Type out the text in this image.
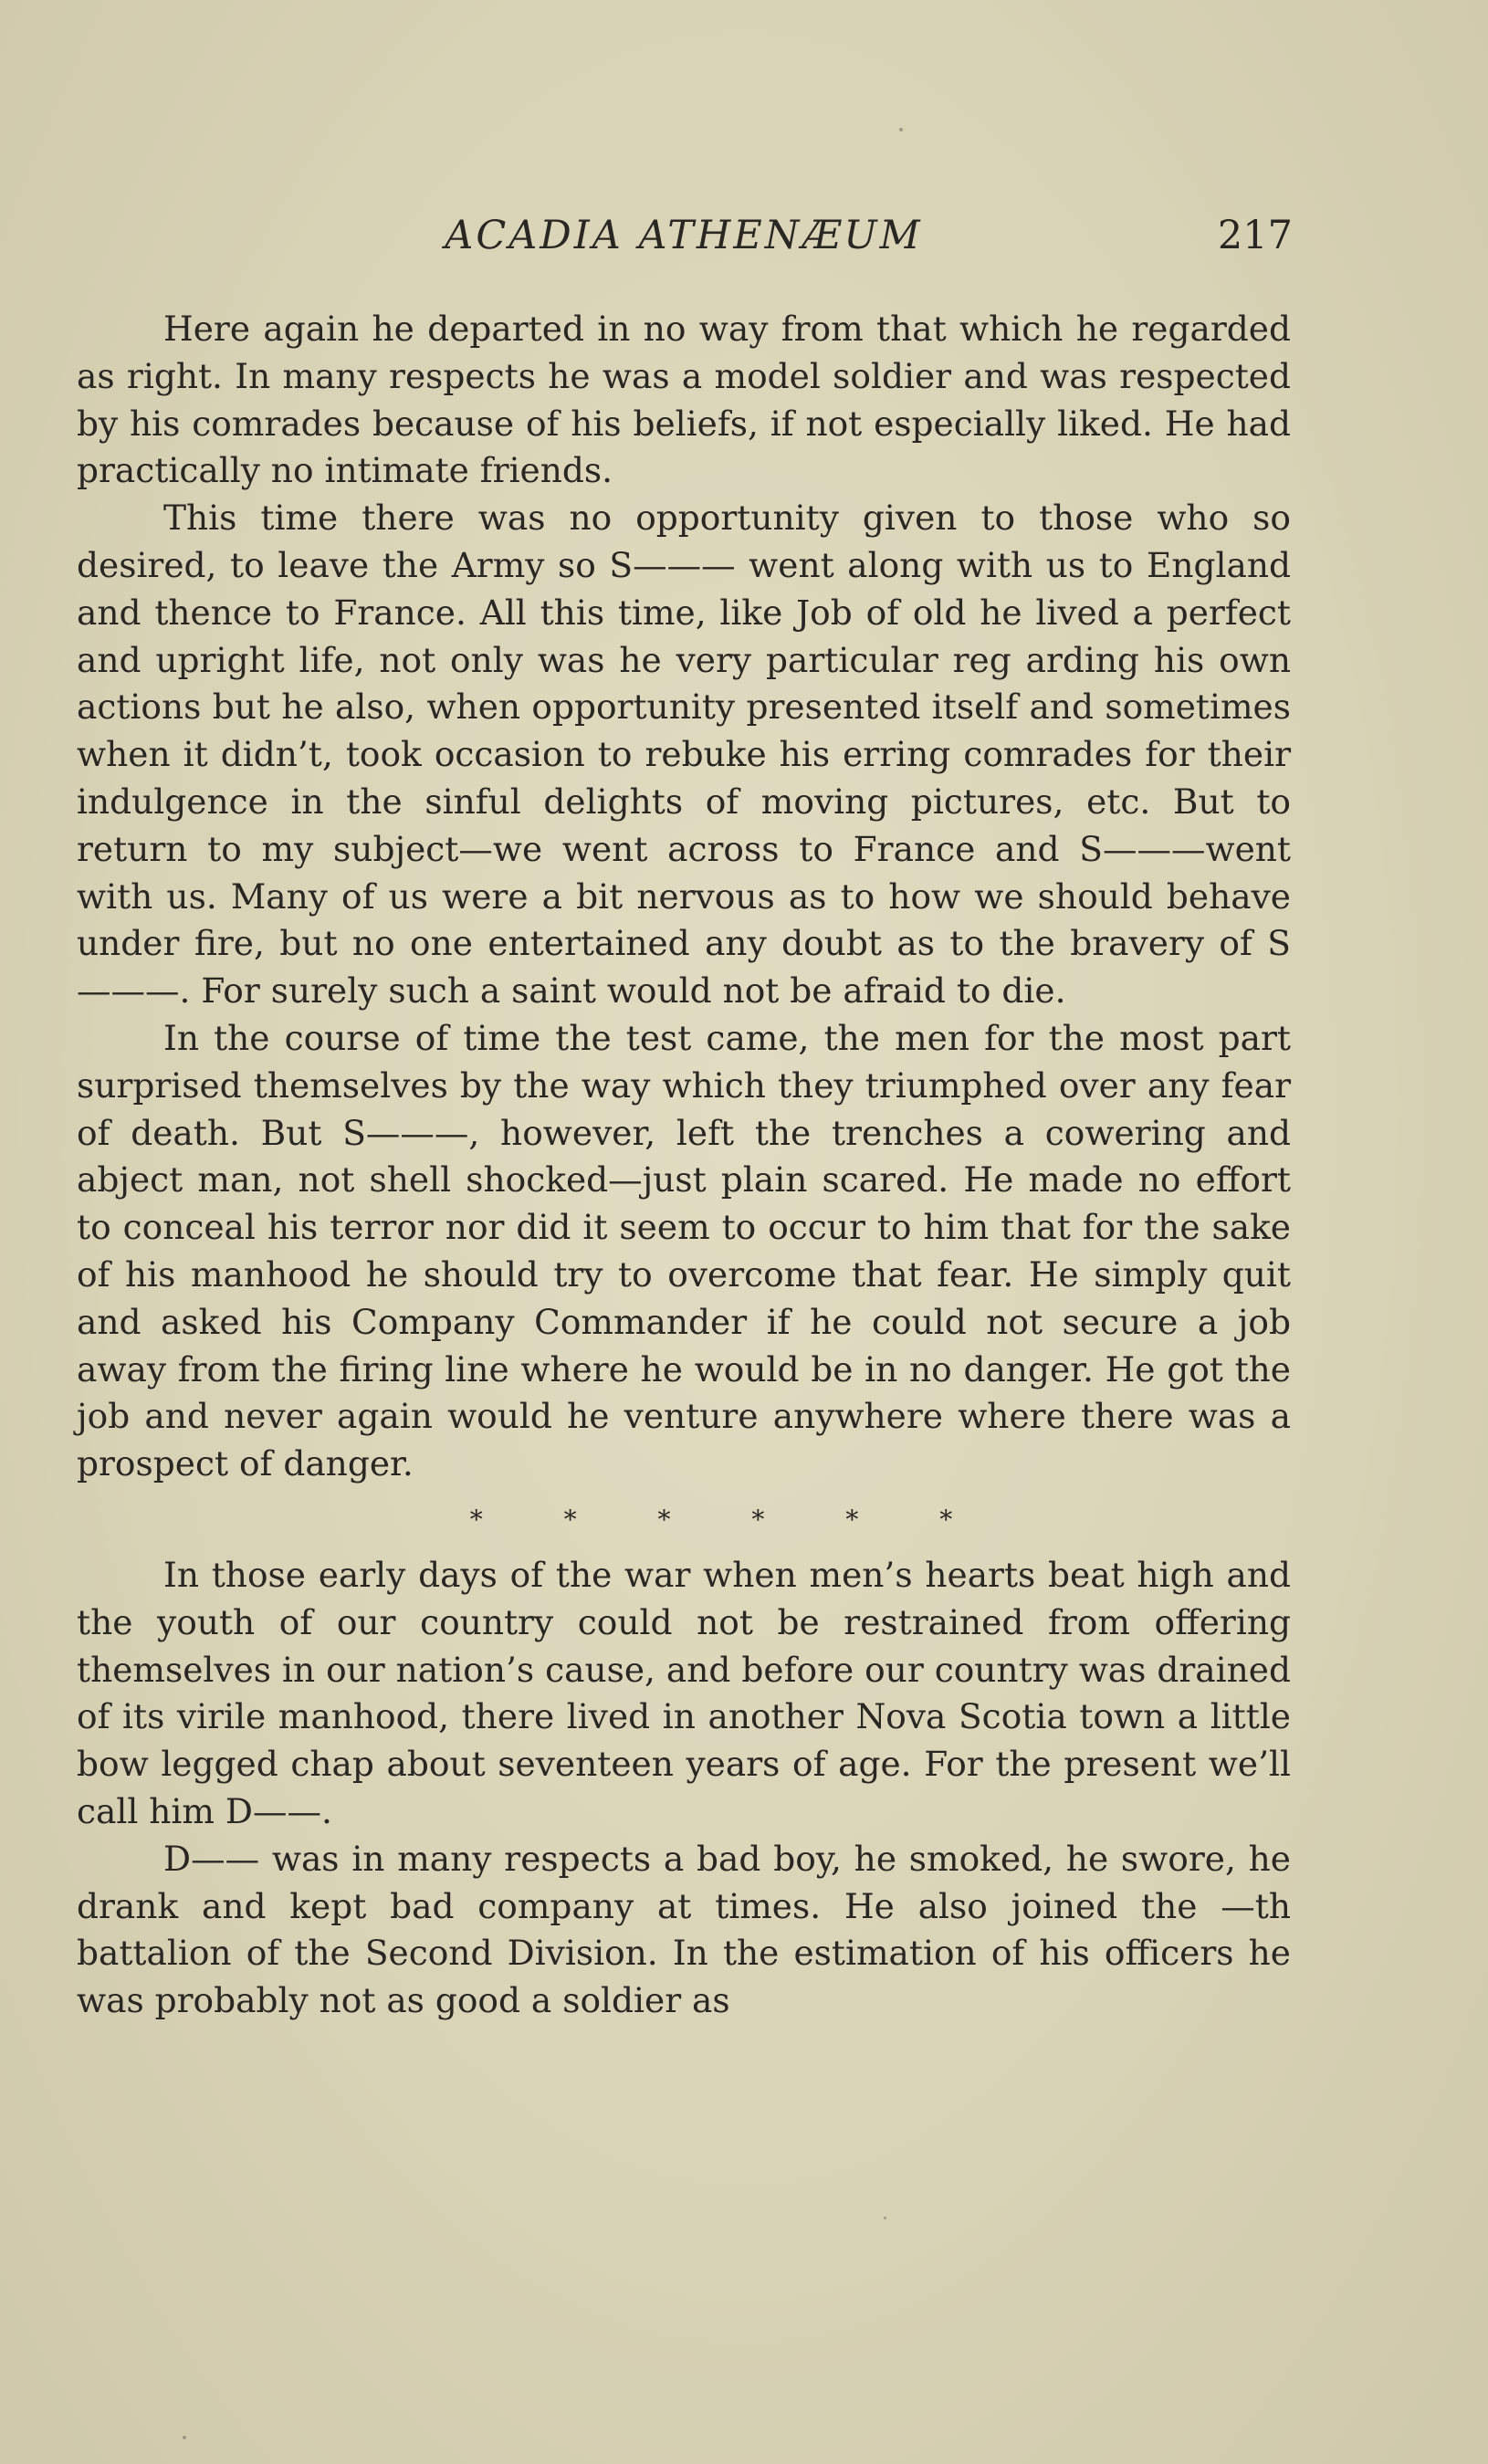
ACADIA ATHENÆUM	217

Here again he departed in no way from that which he regarded as right. In many respects he was a model soldier and was respected by his comrades because of his beliefs, if not especially liked. He had practically no intimate friends.

This time there was no opportunity given to those who so desired, to leave the Army so S——— went along with us to England and thence to France. All this time, like Job of old he lived a perfect and upright life, not only was he very particular reg arding his own actions but he also, when opportunity presented itself and sometimes when it didn’t, took occasion to rebuke his erring comrades for their indulgence in the sinful delights of moving pictures, etc. But to return to my subject—we went across to France and S———went with us. Many of us were a bit nervous as to how we should behave under fire, but no one entertained any doubt as to the bravery of S———. For surely such a saint would not be afraid to die.

In the course of time the test came, the men for the most part surprised themselves by the way which they triumphed over any fear of death. But S———, however, left the trenches a cowering and abject man, not shell shocked—just plain scared. He made no effort to conceal his terror nor did it seem to occur to him that for the sake of his manhood he should try to overcome that fear. He simply quit and asked his Company Commander if he could not secure a job away from the firing line where he would be in no danger. He got the job and never again would he venture anywhere where there was a prospect of danger.

* * * * * *

In those early days of the war when men’s hearts beat high and the youth of our country could not be restrained from offering themselves in our nation’s cause, and before our country was drained of its virile manhood, there lived in another Nova Scotia town a little bow legged chap about seventeen years of age. For the present we’ll call him D——.

D—— was in many respects a bad boy, he smoked, he swore, he drank and kept bad company at times. He also joined the —th battalion of the Second Division. In the estimation of his officers he was probably not as good a soldier as
